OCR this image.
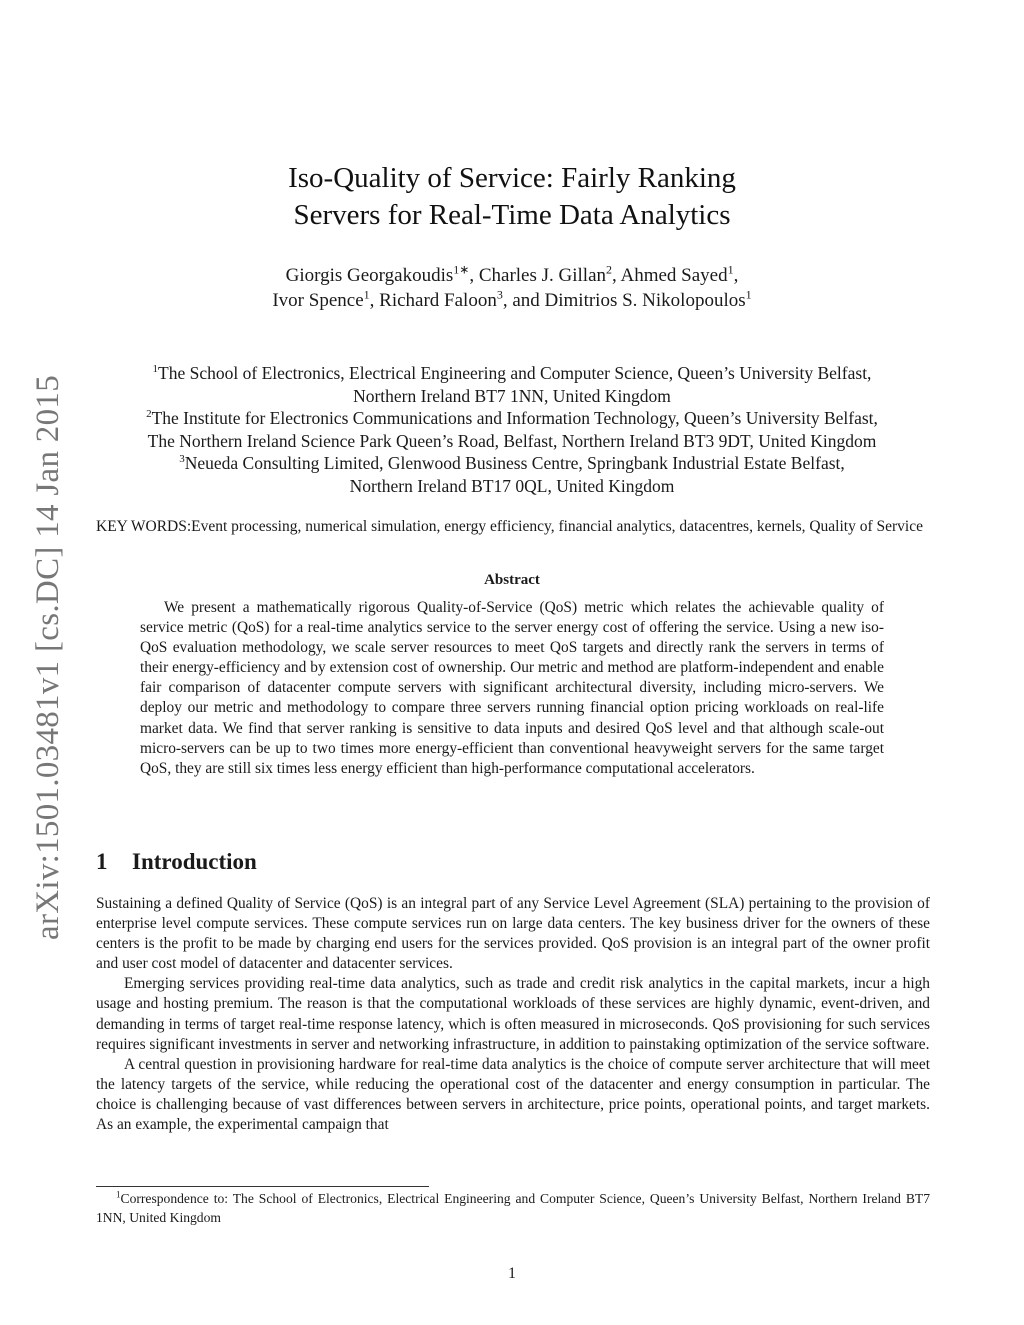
arXiv:1501.03481v1 [cs.DC] 14 Jan 2015
Iso-Quality of Service: Fairly Ranking
Servers for Real-Time Data Analytics
Giorgis Georgakoudis$^{1∗}$, Charles J. Gillan$^2$, Ahmed Sayed$^1$,
Ivor Spence$^1$, Richard Faloon$^3$, and Dimitrios S. Nikolopoulos$^1$
$^1$The School of Electronics, Electrical Engineering and Computer Science, Queen’s University Belfast,
Northern Ireland BT7 1NN, United Kingdom
$^2$The Institute for Electronics Communications and Information Technology, Queen’s University Belfast,
The Northern Ireland Science Park Queen’s Road, Belfast, Northern Ireland BT3 9DT, United Kingdom
$^3$Neueda Consulting Limited, Glenwood Business Centre, Springbank Industrial Estate Belfast,
Northern Ireland BT17 0QL, United Kingdom
KEY WORDS:Event processing, numerical simulation, energy efficiency, financial analytics, datacentres, kernels, Quality of Service
Abstract
We present a mathematically rigorous Quality-of-Service (QoS) metric which relates the achievable quality of service metric (QoS) for a real-time analytics service to the server energy cost of offering the service. Using a new iso-QoS evaluation methodology, we scale server resources to meet QoS targets and directly rank the servers in terms of their energy-efficiency and by extension cost of ownership. Our metric and method are platform-independent and enable fair comparison of datacenter compute servers with significant architectural diversity, including micro-servers. We deploy our metric and methodology to compare three servers running financial option pricing workloads on real-life market data. We find that server ranking is sensitive to data inputs and desired QoS level and that although scale-out micro-servers can be up to two times more energy-efficient than conventional heavyweight servers for the same target QoS, they are still six times less energy efficient than high-performance computational accelerators.
1 Introduction

Sustaining a defined Quality of Service (QoS) is an integral part of any Service Level Agreement (SLA) pertaining to the provision of enterprise level compute services. These compute services run on large data centers. The key business driver for the owners of these centers is the profit to be made by charging end users for the services provided. QoS provision is an integral part of the owner profit and user cost model of datacenter and datacenter services.

Emerging services providing real-time data analytics, such as trade and credit risk analytics in the capital markets, incur a high usage and hosting premium. The reason is that the computational workloads of these services are highly dynamic, event-driven, and demanding in terms of target real-time response latency, which is often measured in microseconds. QoS provisioning for such services requires significant investments in server and networking infrastructure, in addition to painstaking optimization of the service software.

A central question in provisioning hardware for real-time data analytics is the choice of compute server architecture that will meet the latency targets of the service, while reducing the operational cost of the datacenter and energy consumption in particular. The choice is challenging because of vast differences between servers in architecture, price points, operational points, and target markets. As an example, the experimental campaign that

$^1$Correspondence to: The School of Electronics, Electrical Engineering and Computer Science, Queen’s University Belfast, Northern Ireland BT7 1NN, United Kingdom
1
